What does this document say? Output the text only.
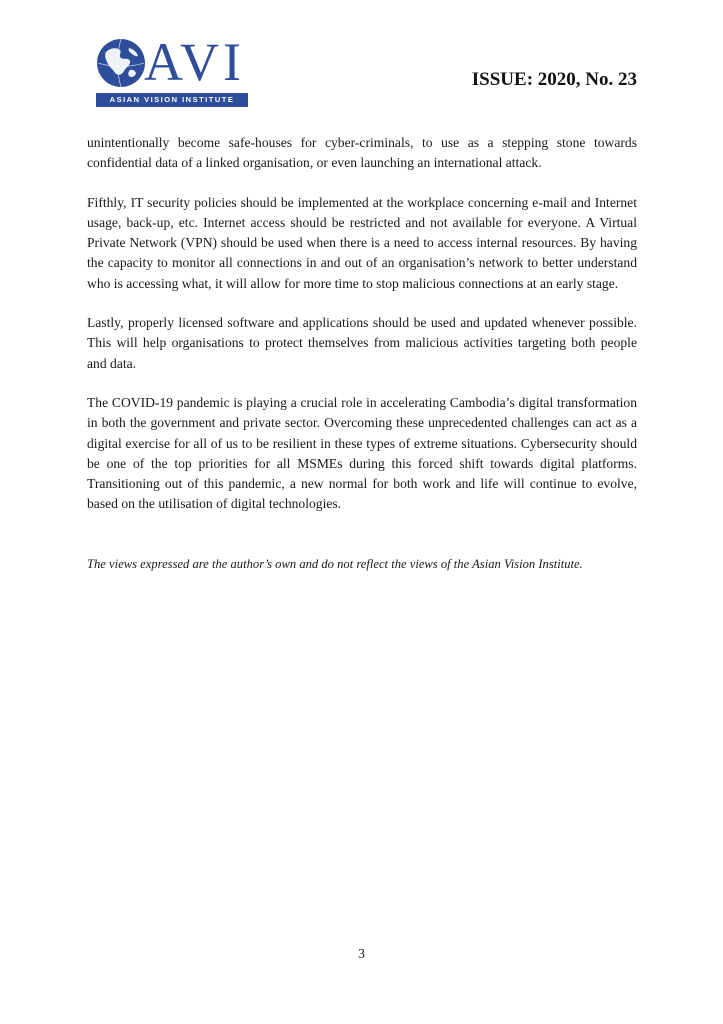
AVI
ASIAN VISION INSTITUTE
ISSUE: 2020, No. 23

unintentionally become safe-houses for cyber-criminals, to use as a stepping stone towards confidential data of a linked organisation, or even launching an international attack.

Fifthly, IT security policies should be implemented at the workplace concerning e-mail and Internet usage, back-up, etc. Internet access should be restricted and not available for everyone. A Virtual Private Network (VPN) should be used when there is a need to access internal resources. By having the capacity to monitor all connections in and out of an organisation’s network to better understand who is accessing what, it will allow for more time to stop malicious connections at an early stage.

Lastly, properly licensed software and applications should be used and updated whenever possible. This will help organisations to protect themselves from malicious activities targeting both people and data.

The COVID-19 pandemic is playing a crucial role in accelerating Cambodia’s digital transformation in both the government and private sector. Overcoming these unprecedented challenges can act as a digital exercise for all of us to be resilient in these types of extreme situations. Cybersecurity should be one of the top priorities for all MSMEs during this forced shift towards digital platforms. Transitioning out of this pandemic, a new normal for both work and life will continue to evolve, based on the utilisation of digital technologies.

The views expressed are the author’s own and do not reflect the views of the Asian Vision Institute.
3
